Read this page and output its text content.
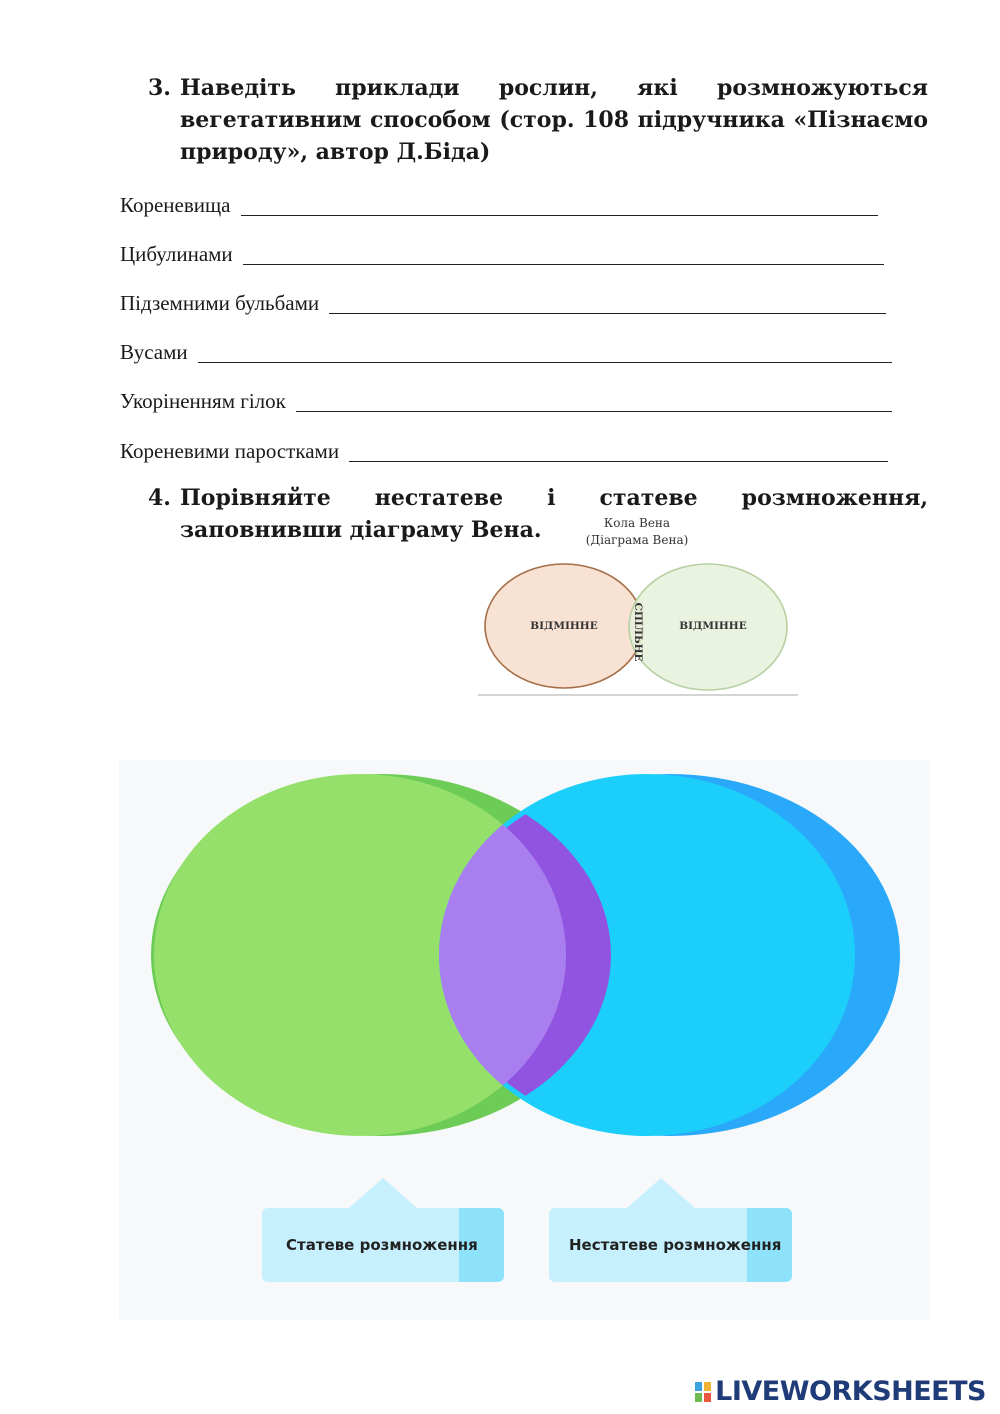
3. Наведіть приклади рослин, які розмножуються вегетативним способом (стор. 108 підручника «Пізнаємо природу», автор Д.Біда)
Кореневища
Цибулинами
Підземними бульбами
Вусами
Укоріненням гілок
Кореневими паростками
4. Порівняйте нестатеве і статеве розмноження, заповнивши діаграму Вена.	Кола Вена
(Діаграма Вена)
ВІДМІННЕ	ВІДМІННЕ
СПІЛЬНЕ
Статеве розмноження	Нестатеве розмноження
LIVEWORKSHEETS
